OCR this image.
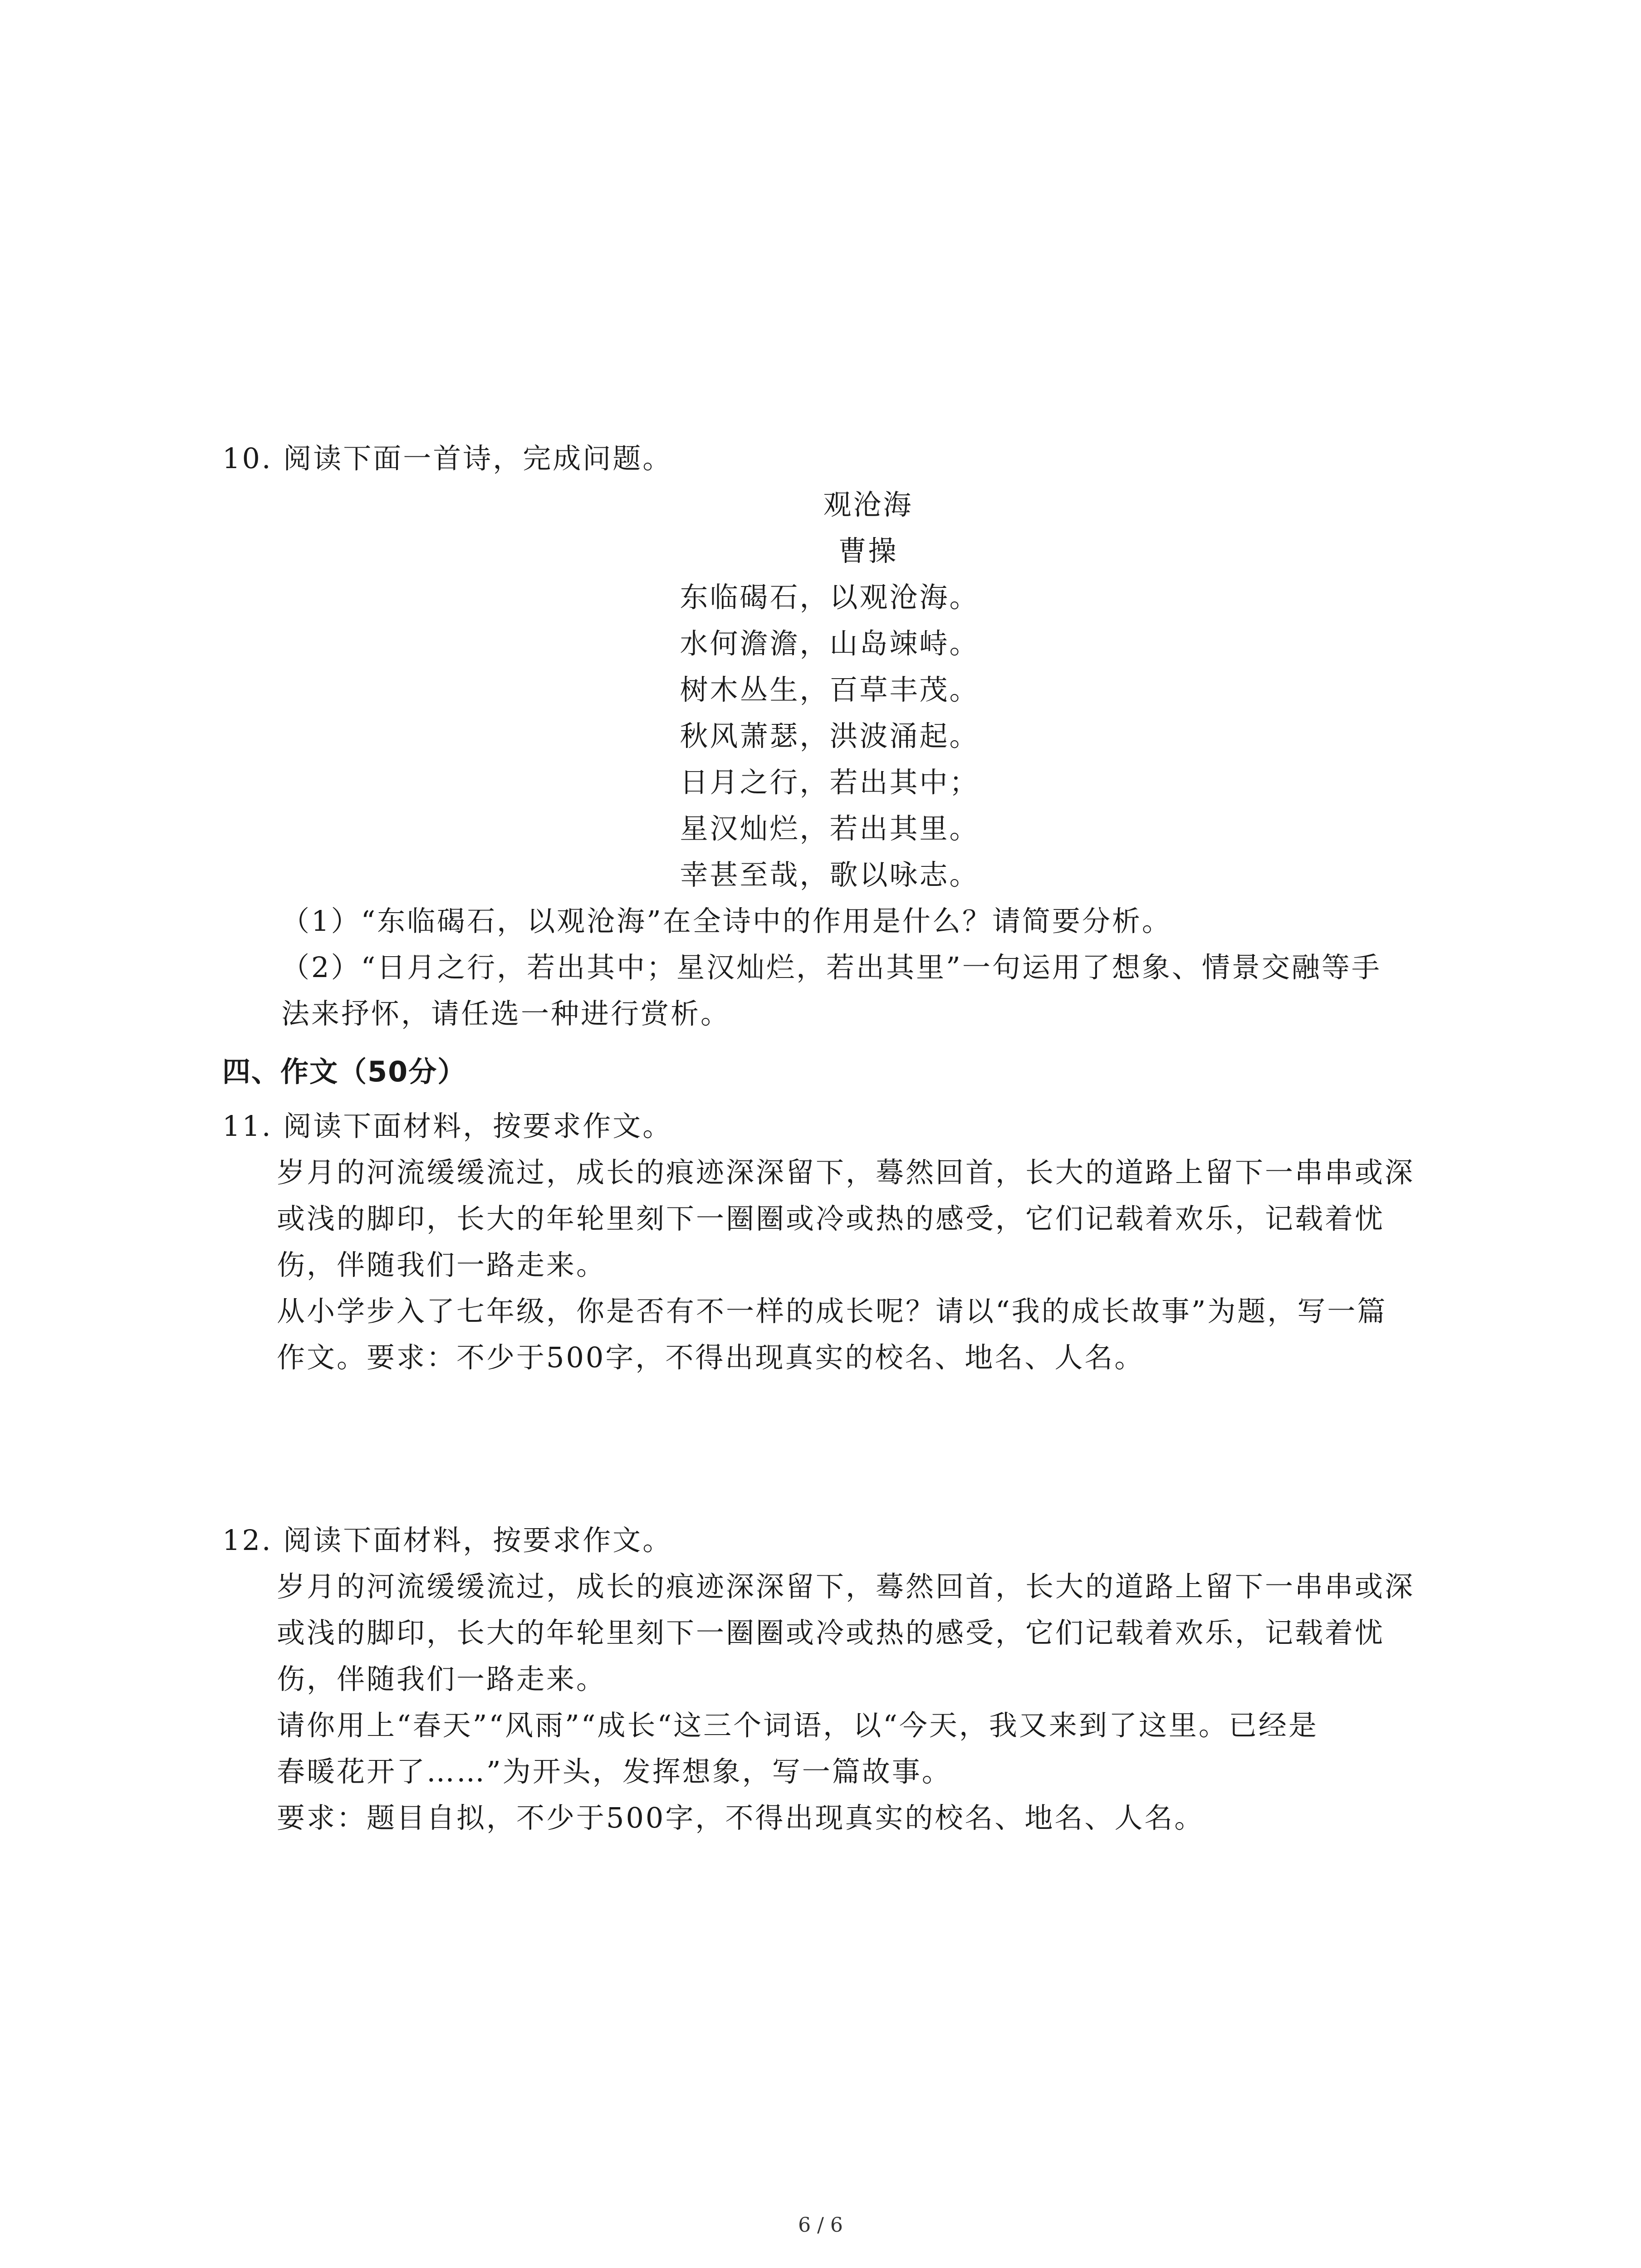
10. 阅读下面一首诗，完成问题。
观沧海
曹操
东临碣石，以观沧海。
水何澹澹，山岛竦峙。
树木丛生，百草丰茂。
秋风萧瑟，洪波涌起。
日月之行，若出其中；
星汉灿烂，若出其里。
幸甚至哉，歌以咏志。
（1）“东临碣石，以观沧海”在全诗中的作用是什么？请简要分析。
（2）“日月之行，若出其中；星汉灿烂，若出其里”一句运用了想象、情景交融等手
法来抒怀，请任选一种进行赏析。
四、作文（50分）
11. 阅读下面材料，按要求作文。
岁月的河流缓缓流过，成长的痕迹深深留下，蓦然回首，长大的道路上留下一串串或深
或浅的脚印，长大的年轮里刻下一圈圈或冷或热的感受，它们记载着欢乐，记载着忧
伤，伴随我们一路走来。
从小学步入了七年级，你是否有不一样的成长呢？请以“我的成长故事”为题，写一篇
作文。要求：不少于500字，不得出现真实的校名、地名、人名。
12. 阅读下面材料，按要求作文。
岁月的河流缓缓流过，成长的痕迹深深留下，蓦然回首，长大的道路上留下一串串或深
或浅的脚印，长大的年轮里刻下一圈圈或冷或热的感受，它们记载着欢乐，记载着忧
伤，伴随我们一路走来。
请你用上“春天”“风雨”“成长“这三个词语，以“今天，我又来到了这里。已经是
春暖花开了……”为开头，发挥想象，写一篇故事。
要求：题目自拟，不少于500字，不得出现真实的校名、地名、人名。
6 / 6
